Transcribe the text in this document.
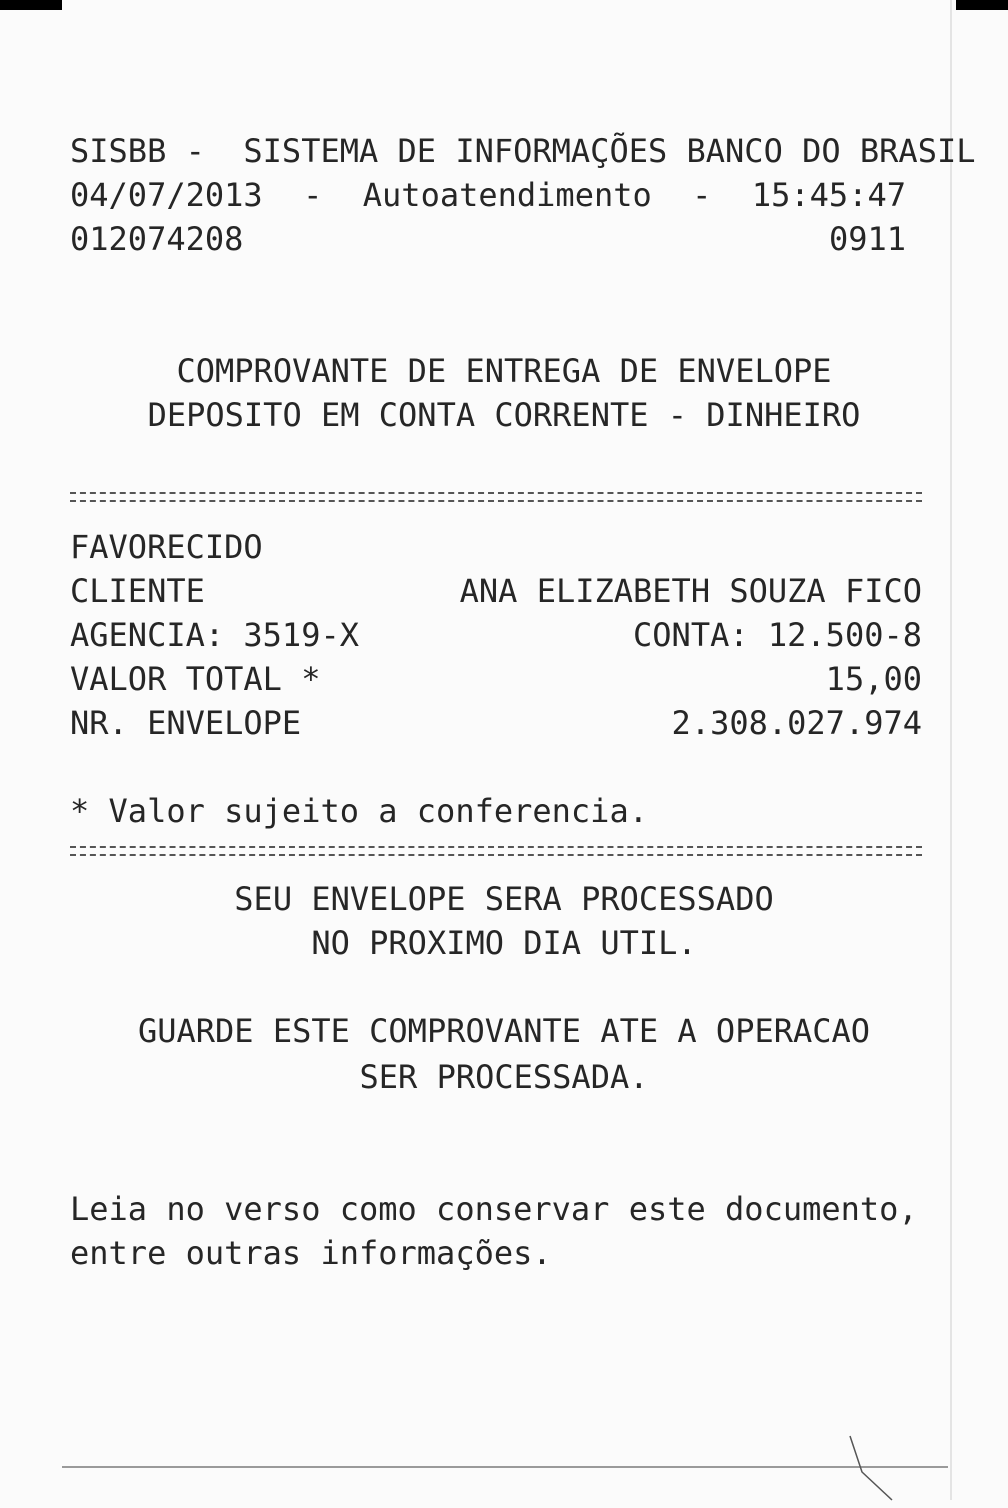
SISBB -  SISTEMA DE INFORMAÇÕES BANCO DO BRASIL
04/07/2013 - Autoatendimento - 15:45:47
012074208	0911
COMPROVANTE DE ENTREGA DE ENVELOPE
DEPOSITO EM CONTA CORRENTE - DINHEIRO
FAVORECIDO
CLIENTE	ANA ELIZABETH SOUZA FICO
AGENCIA: 3519-X	CONTA: 12.500-8
VALOR TOTAL *	15,00
NR. ENVELOPE	2.308.027.974
* Valor sujeito a conferencia.
SEU ENVELOPE SERA PROCESSADO
NO PROXIMO DIA UTIL.
GUARDE ESTE COMPROVANTE ATE A OPERACAO
SER PROCESSADA.
Leia no verso como conservar este documento,
entre outras informações.
